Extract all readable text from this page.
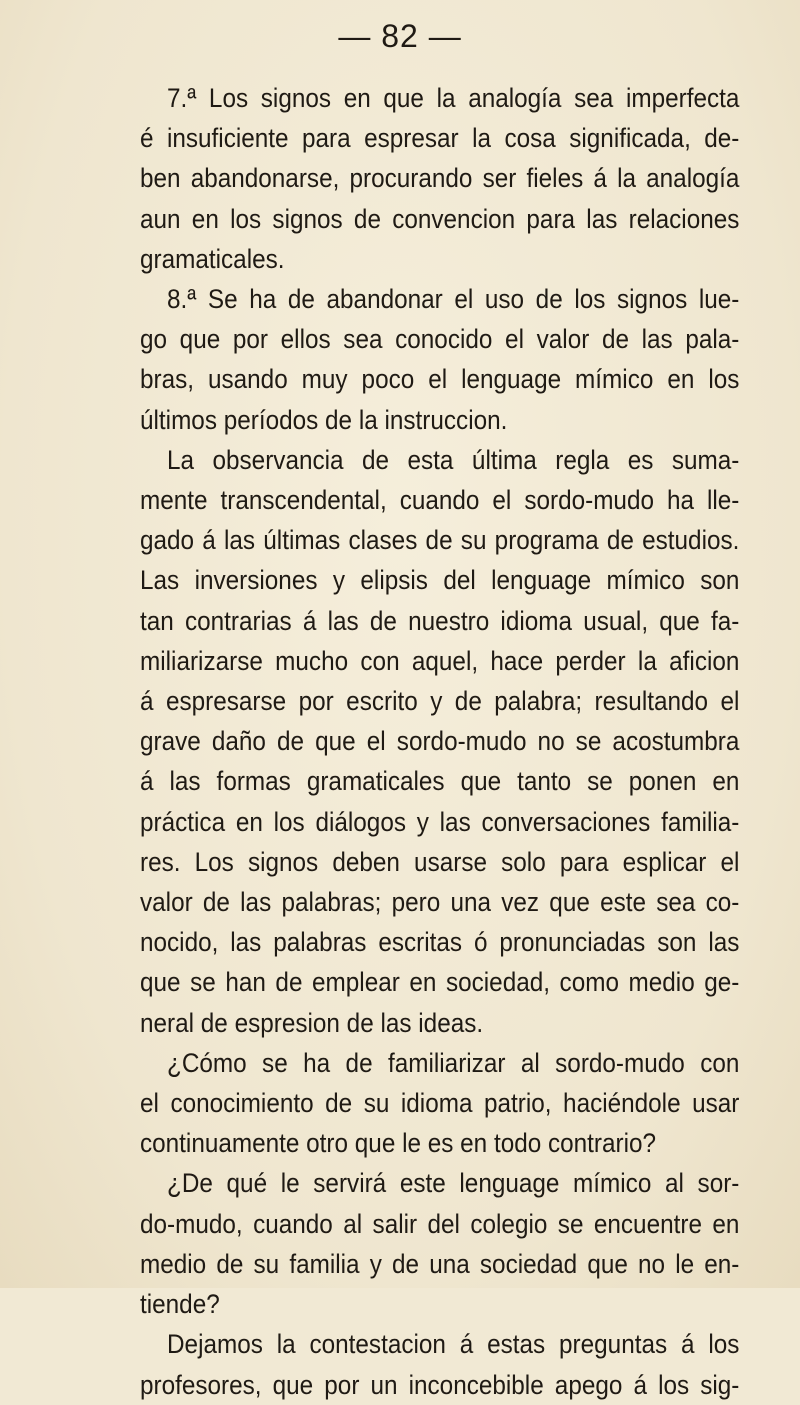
— 82 —
7.ª Los signos en que la analogía sea imperfecta
é insuficiente para espresar la cosa significada, de-
ben abandonarse, procurando ser fieles á la analogía
aun en los signos de convencion para las relaciones
gramaticales.
8.ª Se ha de abandonar el uso de los signos lue-
go que por ellos sea conocido el valor de las pala-
bras, usando muy poco el lenguage mímico en los
últimos períodos de la instruccion.
La observancia de esta última regla es suma-
mente transcendental, cuando el sordo-mudo ha lle-
gado á las últimas clases de su programa de estudios.
Las inversiones y elipsis del lenguage mímico son
tan contrarias á las de nuestro idioma usual, que fa-
miliarizarse mucho con aquel, hace perder la aficion
á espresarse por escrito y de palabra; resultando el
grave daño de que el sordo-mudo no se acostumbra
á las formas gramaticales que tanto se ponen en
práctica en los diálogos y las conversaciones familia-
res. Los signos deben usarse solo para esplicar el
valor de las palabras; pero una vez que este sea co-
nocido, las palabras escritas ó pronunciadas son las
que se han de emplear en sociedad, como medio ge-
neral de espresion de las ideas.
¿Cómo se ha de familiarizar al sordo-mudo con
el conocimiento de su idioma patrio, haciéndole usar
continuamente otro que le es en todo contrario?
¿De qué le servirá este lenguage mímico al sor-
do-mudo, cuando al salir del colegio se encuentre en
medio de su familia y de una sociedad que no le en-
tiende?
Dejamos la contestacion á estas preguntas á los
profesores, que por un inconcebible apego á los sig-
